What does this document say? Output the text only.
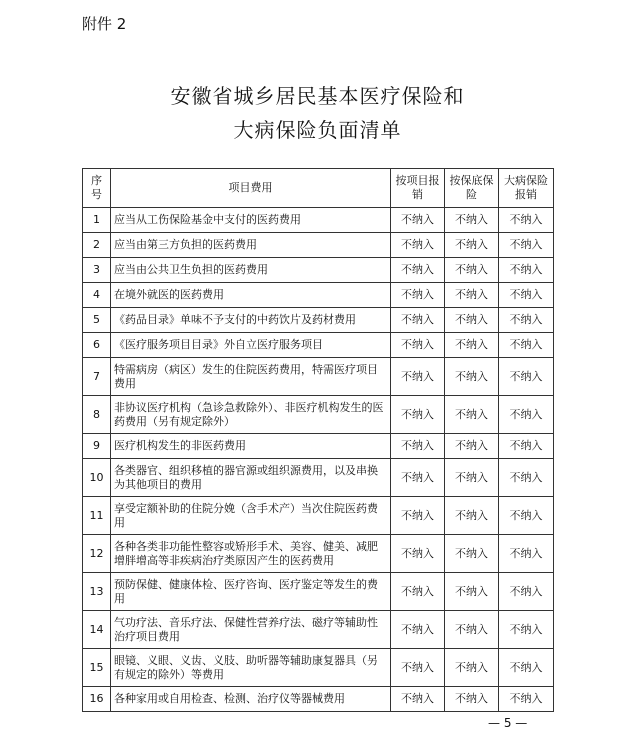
附件 2
安徽省城乡居民基本医疗保险和
大病保险负面清单
序号	项目费用	按项目报销	按保底保险	大病保险报销
1	应当从工伤保险基金中支付的医药费用	不纳入	不纳入	不纳入
2	应当由第三方负担的医药费用	不纳入	不纳入	不纳入
3	应当由公共卫生负担的医药费用	不纳入	不纳入	不纳入
4	在境外就医的医药费用	不纳入	不纳入	不纳入
5	《药品目录》单味不予支付的中药饮片及药材费用	不纳入	不纳入	不纳入
6	《医疗服务项目目录》外自立医疗服务项目	不纳入	不纳入	不纳入
7	特需病房（病区）发生的住院医药费用，特需医疗项目费用	不纳入	不纳入	不纳入
8	非协议医疗机构（急诊急救除外）、非医疗机构发生的医药费用（另有规定除外）	不纳入	不纳入	不纳入
9	医疗机构发生的非医药费用	不纳入	不纳入	不纳入
10	各类器官、组织移植的器官源或组织源费用，以及串换为其他项目的费用	不纳入	不纳入	不纳入
11	享受定额补助的住院分娩（含手术产）当次住院医药费用	不纳入	不纳入	不纳入
12	各种各类非功能性整容或矫形手术、美容、健美、减肥增胖增高等非疾病治疗类原因产生的医药费用	不纳入	不纳入	不纳入
13	预防保健、健康体检、医疗咨询、医疗鉴定等发生的费用	不纳入	不纳入	不纳入
14	气功疗法、音乐疗法、保健性营养疗法、磁疗等辅助性治疗项目费用	不纳入	不纳入	不纳入
15	眼镜、义眼、义齿、义肢、助听器等辅助康复器具（另有规定的除外）等费用	不纳入	不纳入	不纳入
16	各种家用或自用检查、检测、治疗仪等器械费用	不纳入	不纳入	不纳入
— 5 —
